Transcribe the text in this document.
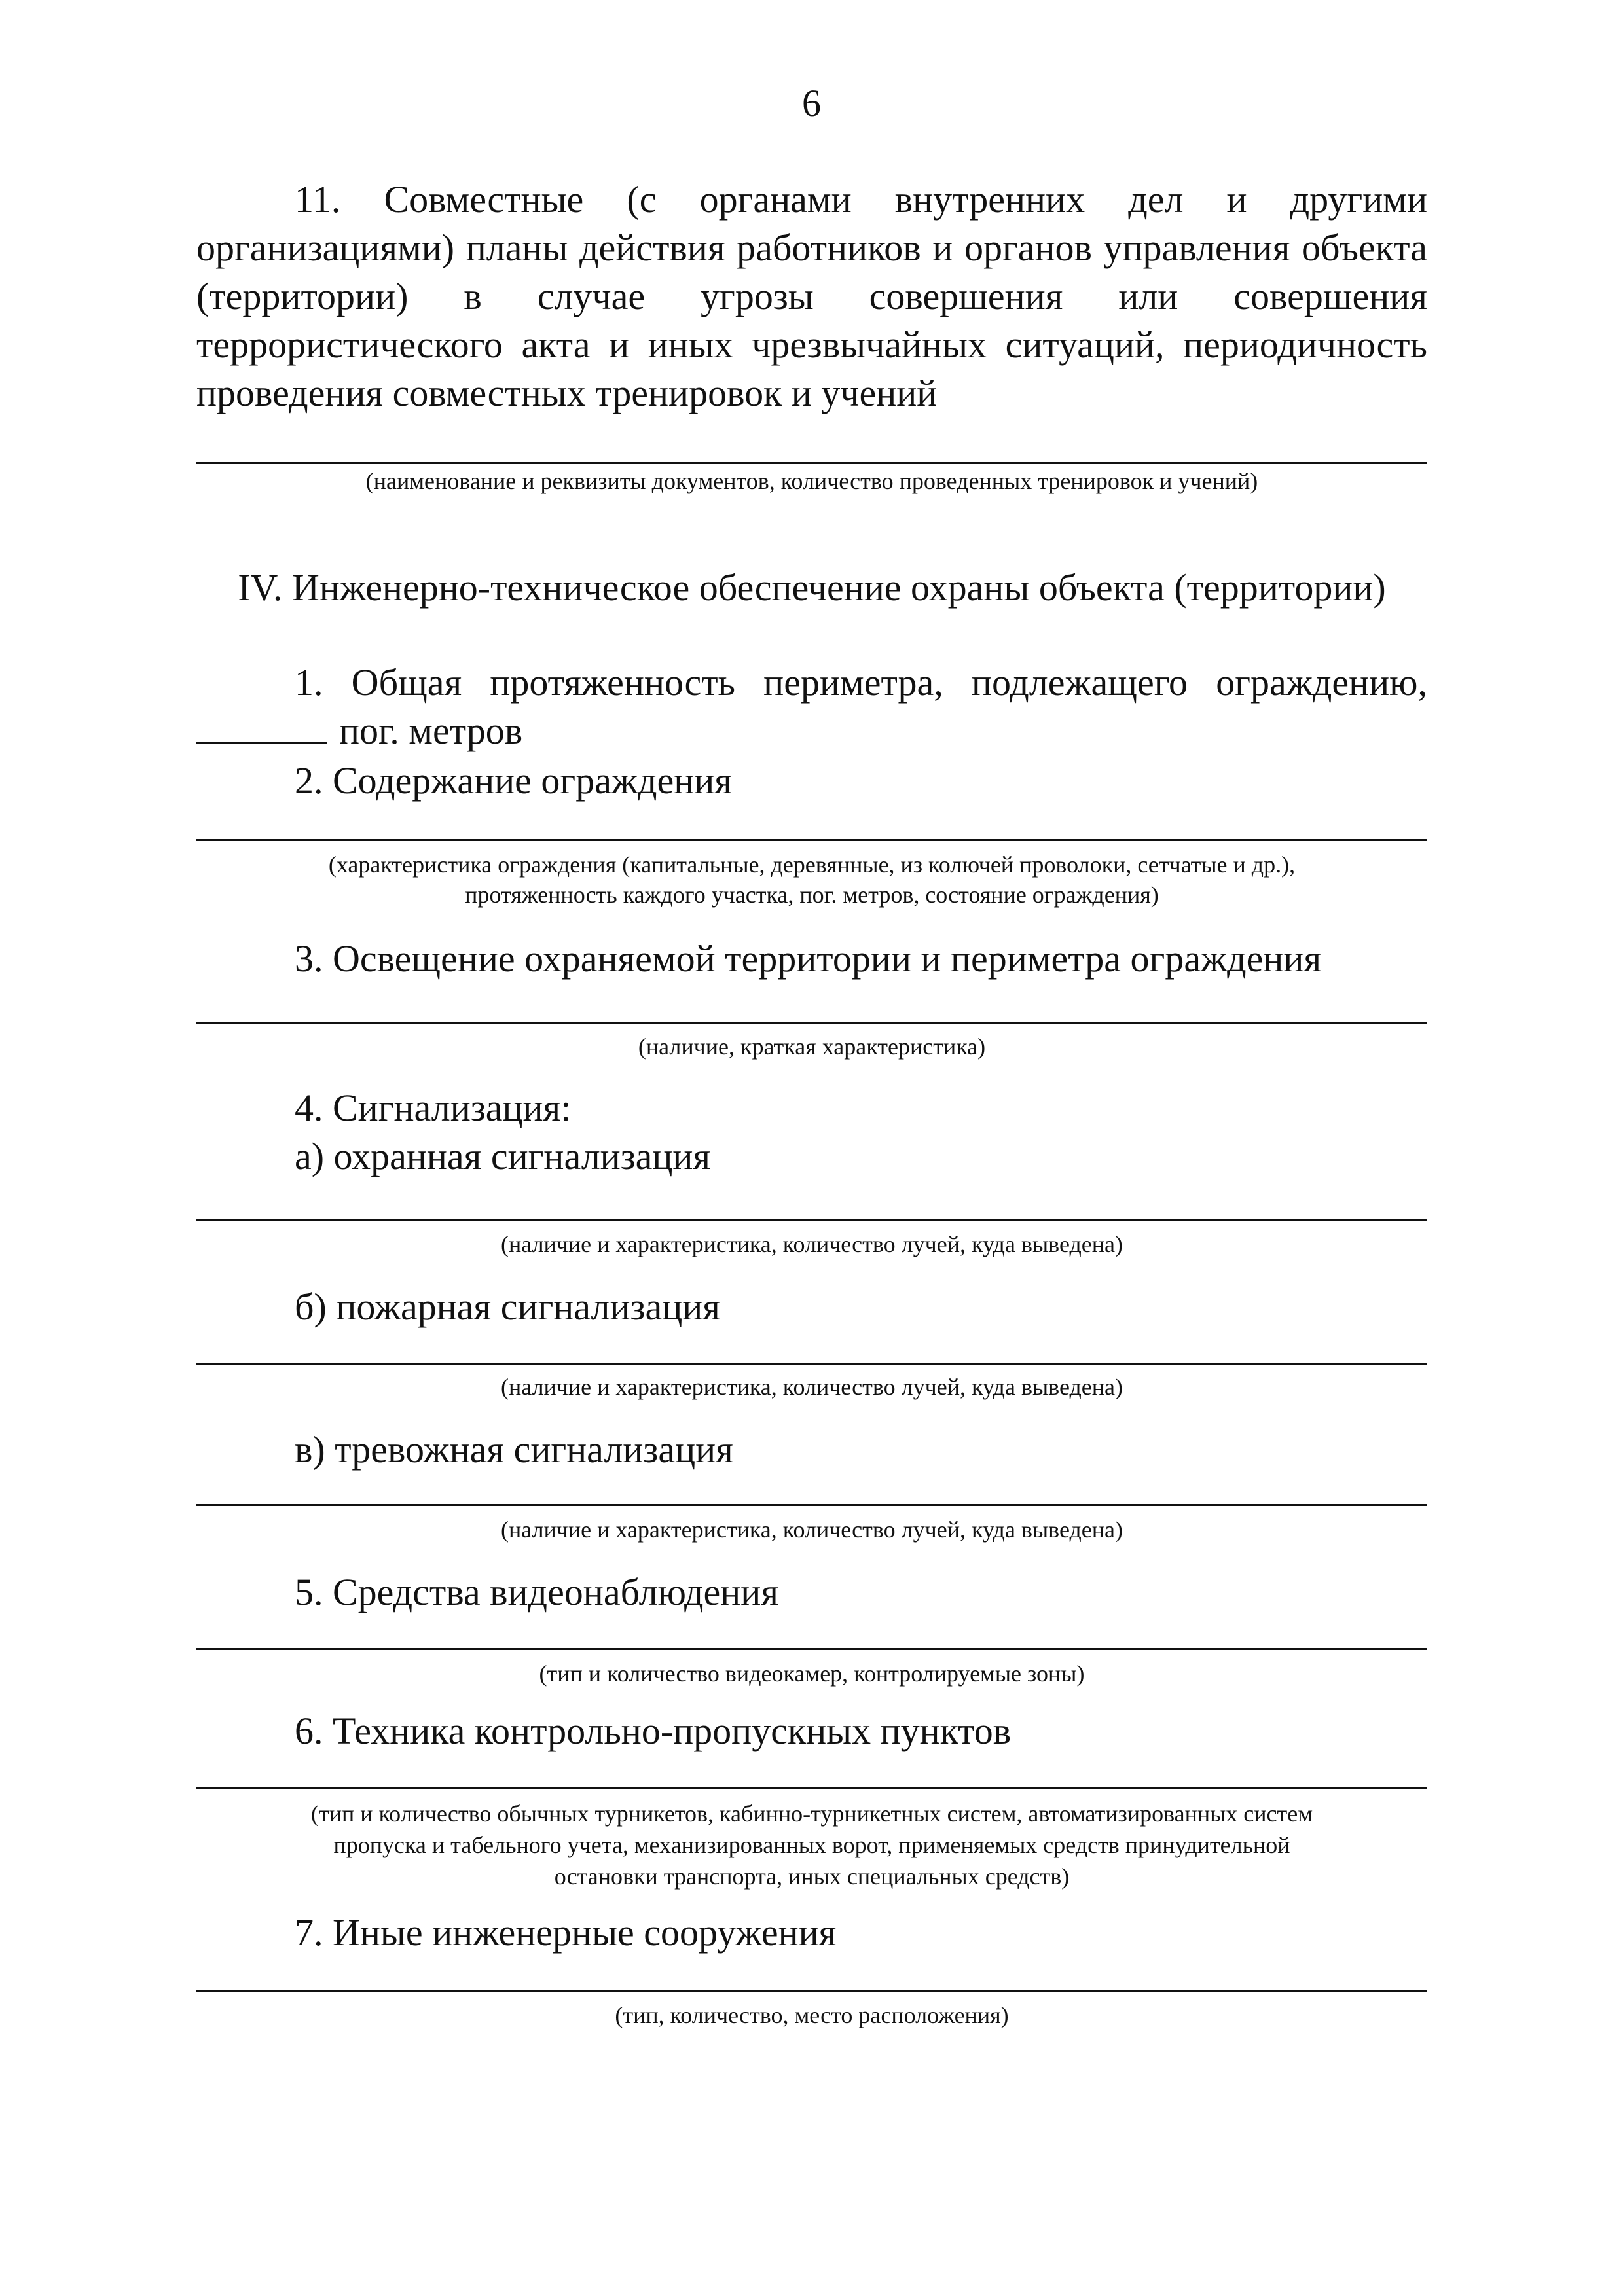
6

11. Совместные (с органами внутренних дел и другими

организациями) планы действия работников и органов управления объекта

(территории) в случае угрозы совершения или совершения

террористического акта и иных чрезвычайных ситуаций, периодичность

проведения совместных тренировок и учений

(наименование и реквизиты документов, количество проведенных тренировок и учений)
IV. Инженерно-техническое обеспечение охраны объекта (территории)

1. Общая протяженность периметра, подлежащего ограждению,

пог. метров

2. Содержание ограждения
(характеристика ограждения (капитальные, деревянные, из колючей проволоки, сетчатые и др.),
протяженность каждого участка, пог. метров, состояние ограждения)
3. Освещение охраняемой территории и периметра ограждения
(наличие, краткая характеристика)
4. Сигнализация:
а) охранная сигнализация
(наличие и характеристика, количество лучей, куда выведена)
б) пожарная сигнализация
(наличие и характеристика, количество лучей, куда выведена)
в) тревожная сигнализация
(наличие и характеристика, количество лучей, куда выведена)
5. Средства видеонаблюдения
(тип и количество видеокамер, контролируемые зоны)
6. Техника контрольно-пропускных пунктов
(тип и количество обычных турникетов, кабинно-турникетных систем, автоматизированных систем
пропуска и табельного учета, механизированных ворот, применяемых средств принудительной
остановки транспорта, иных специальных средств)
7. Иные инженерные сооружения
(тип, количество, место расположения)
